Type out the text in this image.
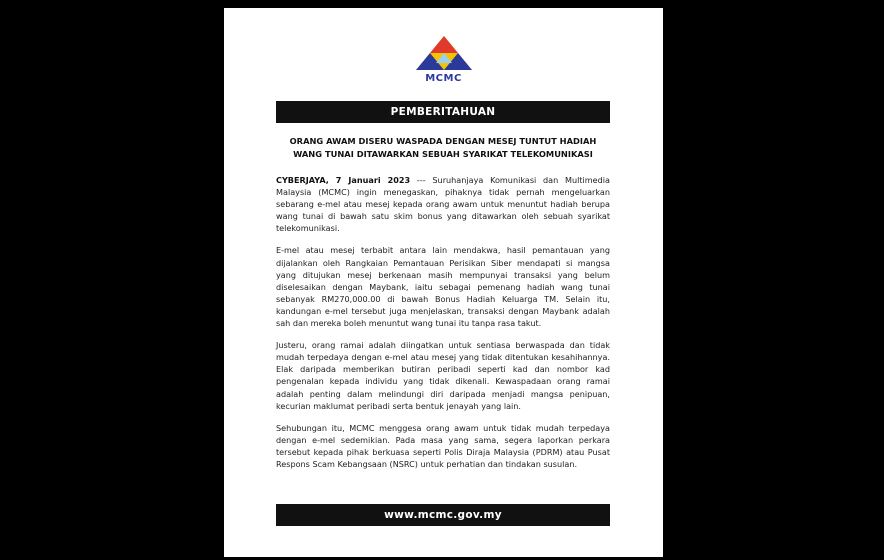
MCMC
PEMBERITAHUAN
ORANG AWAM DISERU WASPADA DENGAN MESEJ TUNTUT HADIAH WANG TUNAI DITAWARKAN SEBUAH SYARIKAT TELEKOMUNIKASI

CYBERJAYA, 7 Januari 2023 --- Suruhanjaya Komunikasi dan Multimedia Malaysia (MCMC) ingin menegaskan, pihaknya tidak pernah mengeluarkan sebarang e-mel atau mesej kepada orang awam untuk menuntut hadiah berupa wang tunai di bawah satu skim bonus yang ditawarkan oleh sebuah syarikat telekomunikasi.

E-mel atau mesej terbabit antara lain mendakwa, hasil pemantauan yang dijalankan oleh Rangkaian Pemantauan Perisikan Siber mendapati si mangsa yang ditujukan mesej berkenaan masih mempunyai transaksi yang belum diselesaikan dengan Maybank, iaitu sebagai pemenang hadiah wang tunai sebanyak RM270,000.00 di bawah Bonus Hadiah Keluarga TM. Selain itu, kandungan e-mel tersebut juga menjelaskan, transaksi dengan Maybank adalah sah dan mereka boleh menuntut wang tunai itu tanpa rasa takut.

Justeru, orang ramai adalah diingatkan untuk sentiasa berwaspada dan tidak mudah terpedaya dengan e-mel atau mesej yang tidak ditentukan kesahihannya. Elak daripada memberikan butiran peribadi seperti kad dan nombor kad pengenalan kepada individu yang tidak dikenali. Kewaspadaan orang ramai adalah penting dalam melindungi diri daripada menjadi mangsa penipuan, kecurian maklumat peribadi serta bentuk jenayah yang lain.

Sehubungan itu, MCMC menggesa orang awam untuk tidak mudah terpedaya dengan e-mel sedemikian. Pada masa yang sama, segera laporkan perkara tersebut kepada pihak berkuasa seperti Polis Diraja Malaysia (PDRM) atau Pusat Respons Scam Kebangsaan (NSRC) untuk perhatian dan tindakan susulan.

www.mcmc.gov.my
